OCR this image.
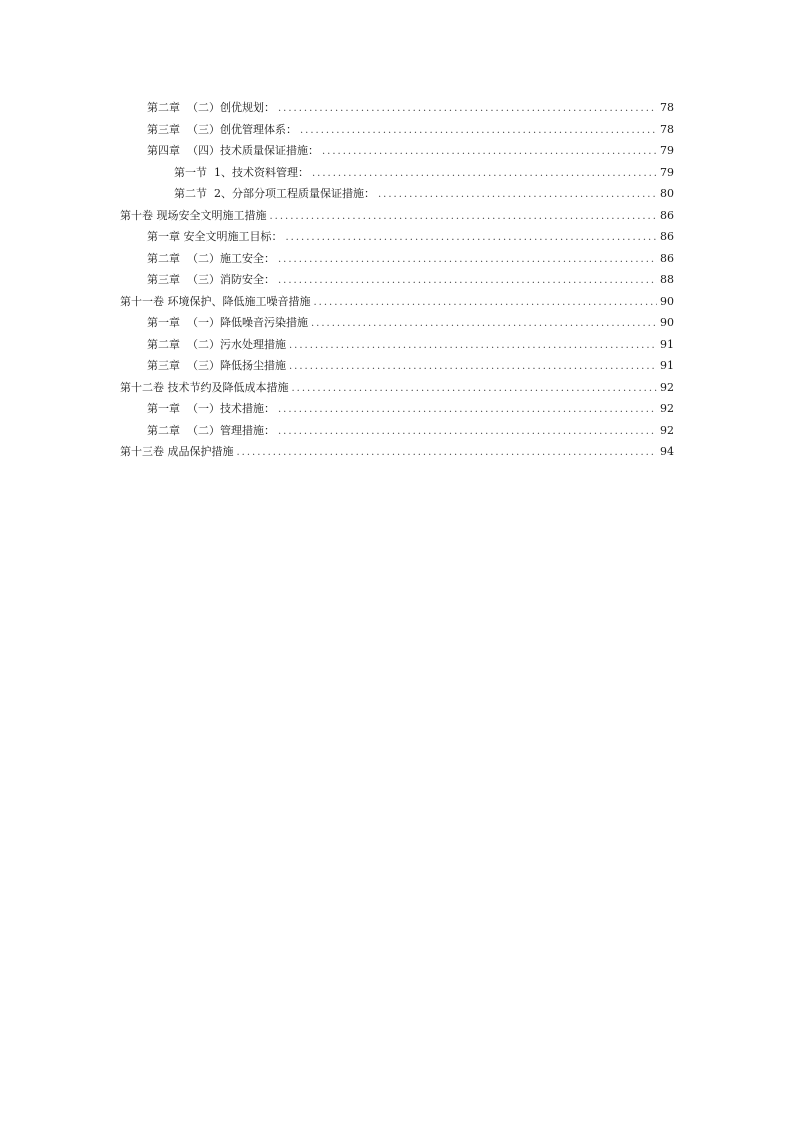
第二章  （二）创优规划： .....	78
第三章  （三）创优管理体系： .....	78
第四章  （四）技术质量保证措施： .....	79
第一节  1、技术资料管理： .....	79
第二节  2、分部分项工程质量保证措施： .....	80
第十卷 现场安全文明施工措施 .....	86
第一章 安全文明施工目标： .....	86
第二章  （二）施工安全： .....	86
第三章  （三）消防安全： .....	88
第十一卷 环境保护、降低施工噪音措施 .....	90
第一章  （一）降低噪音污染措施 .....	90
第二章  （二）污水处理措施 .....	91
第三章  （三）降低扬尘措施 .....	91
第十二卷 技术节约及降低成本措施 .....	92
第一章  （一）技术措施： .....	92
第二章  （二）管理措施： .....	92
第十三卷 成品保护措施 .....	94
